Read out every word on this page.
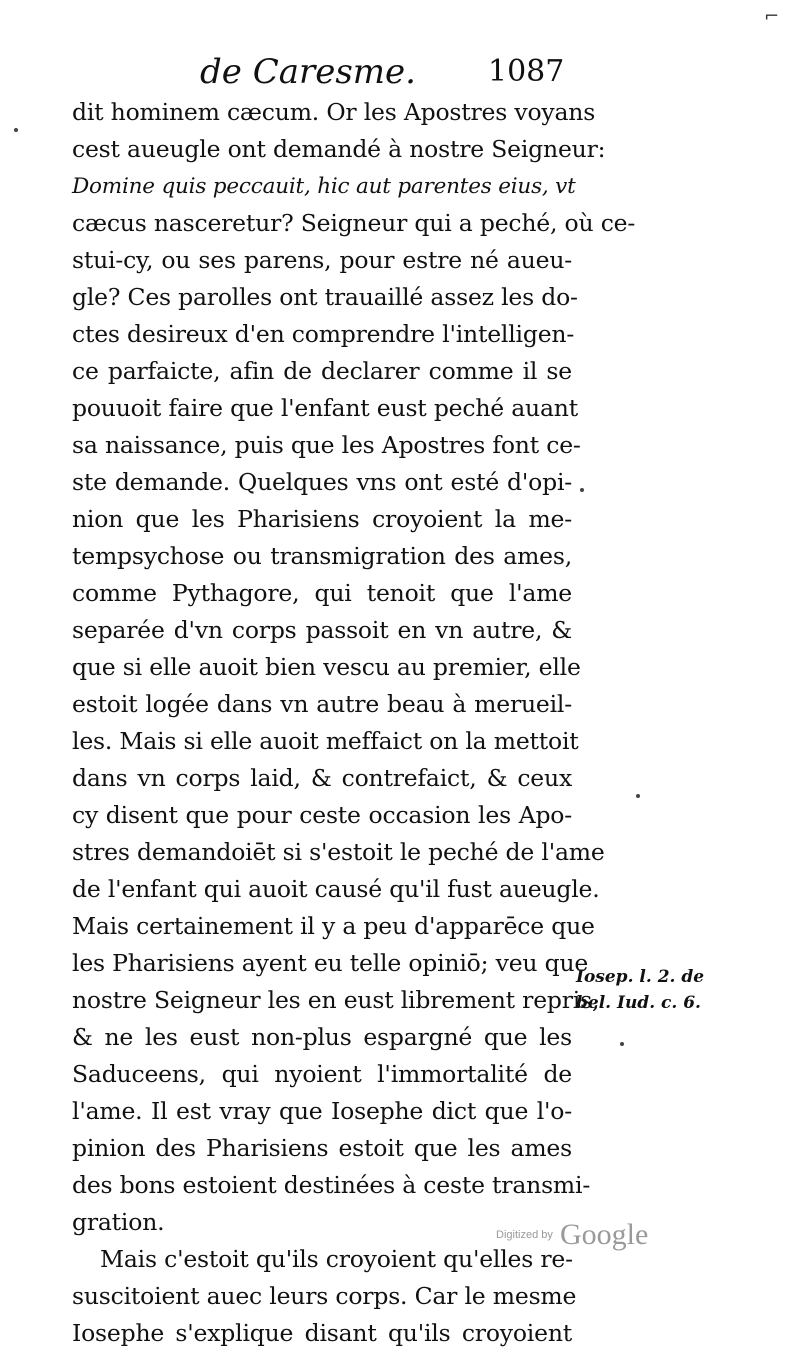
⌐
de Caresme. 1087
dit hominem cæcum. Or les Apostres voyans
cest aueugle ont demandé à nostre Seigneur:
Domine quis peccauit, hic aut parentes eius, vt
cæcus nasceretur? Seigneur qui a peché, où ce-
stui-cy, ou ses parens, pour estre né aueu-
gle? Ces parolles ont trauaillé assez les do-
ctes desireux d'en comprendre l'intelligen-
ce parfaicte, afin de declarer comme il se
pouuoit faire que l'enfant eust peché auant
sa naissance, puis que les Apostres font ce-
ste demande. Quelques vns ont esté d'opi-
nion que les Pharisiens croyoient la me-
tempsychose ou transmigration des ames,
comme Pythagore, qui tenoit que l'ame
separée d'vn corps passoit en vn autre, &
que si elle auoit bien vescu au premier, elle
estoit logée dans vn autre beau à merueil-
les. Mais si elle auoit meffaict on la mettoit
dans vn corps laid, & contrefaict, & ceux
cy disent que pour ceste occasion les Apo-
stres demandoiēt si s'estoit le peché de l'ame
de l'enfant qui auoit causé qu'il fust aueugle.
Mais certainement il y a peu d'apparēce que
les Pharisiens ayent eu telle opiniō; veu que
nostre Seigneur les en eust librement repris,
& ne les eust non-plus espargné que les
Saduceens, qui nyoient l'immortalité de
l'ame. Il est vray que Iosephe dict que l'o-
pinion des Pharisiens estoit que les ames
des bons estoient destinées à ceste transmi-
gration.
Mais c'estoit qu'ils croyoient qu'elles re-
suscitoient auec leurs corps. Car le mesme
Iosephe s'explique disant qu'ils croyoient
Iosep. l. 2. de
bel. Iud. c. 6.
Digitized by Google
